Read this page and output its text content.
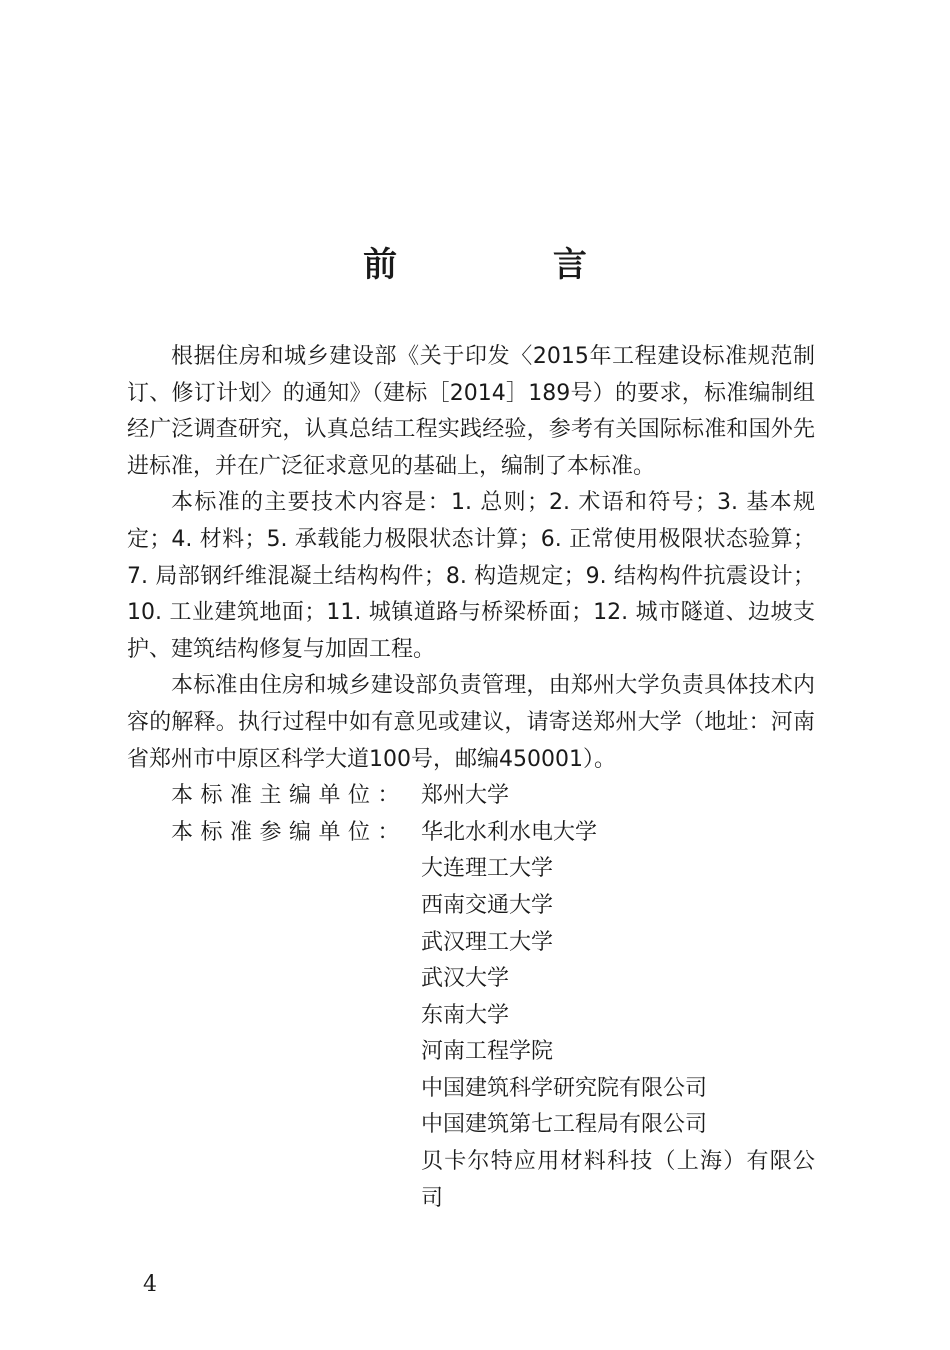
前 言

根据住房和城乡建设部《关于印发〈2015年工程建设标准规范制订、修订计划〉的通知》（建标［2014］189号）的要求，标准编制组经广泛调查研究，认真总结工程实践经验，参考有关国际标准和国外先进标准，并在广泛征求意见的基础上，编制了本标准。

本标准的主要技术内容是：1. 总则；2. 术语和符号；3. 基本规定；4. 材料；5. 承载能力极限状态计算；6. 正常使用极限状态验算；7. 局部钢纤维混凝土结构构件；8. 构造规定；9. 结构构件抗震设计；10. 工业建筑地面；11. 城镇道路与桥梁桥面；12. 城市隧道、边坡支护、建筑结构修复与加固工程。

本标准由住房和城乡建设部负责管理，由郑州大学负责具体技术内容的解释。执行过程中如有意见或建议，请寄送郑州大学（地址：河南省郑州市中原区科学大道100号，邮编450001）。

本标准主编单位： 郑州大学
本标准参编单位： 华北水利水电大学
大连理工大学
西南交通大学
武汉理工大学
武汉大学
东南大学
河南工程学院
中国建筑科学研究院有限公司
中国建筑第七工程局有限公司
贝卡尔特应用材料科技（上海）有限公司
4
